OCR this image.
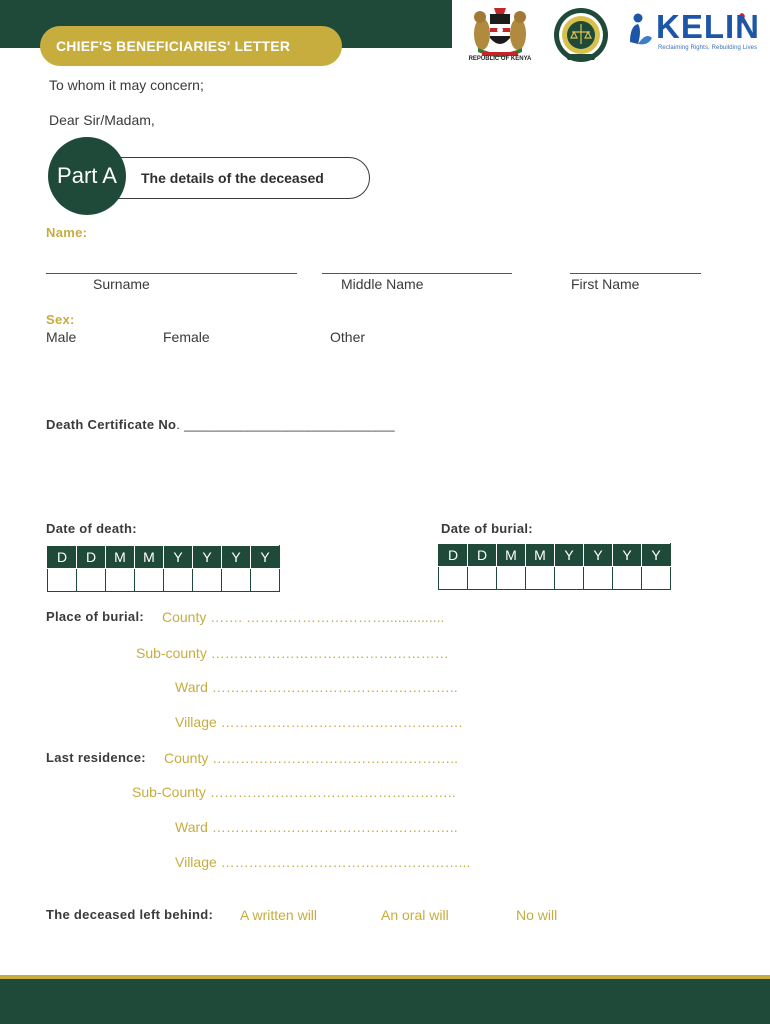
CHIEF'S BENEFICIARIES' LETTER
REPUBLIC OF KENYA
KELIN
Reclaiming Rights, Rebuilding Lives
To whom it may concern;
Dear Sir/Madam,
Part A The details of the deceased
Name:
Surname	Middle Name	First Name
Sex:
Male	Female	Other
Death Certificate No. ____________________________
Date of death:
D	D	M	M	Y	Y	Y	Y

Date of burial:
D	D	M	M	Y	Y	Y	Y

Place of burial: County ……. …………………………...............
Sub-county ……………………………………………
Ward ……………………………………………..
Village …………………………………………….
Last residence: County ……………………………………………..
Sub-County ……………………………………………..
Ward ……………………………………………..
Village ……………………………………………...
The deceased left behind: A written will	An oral will	No will
